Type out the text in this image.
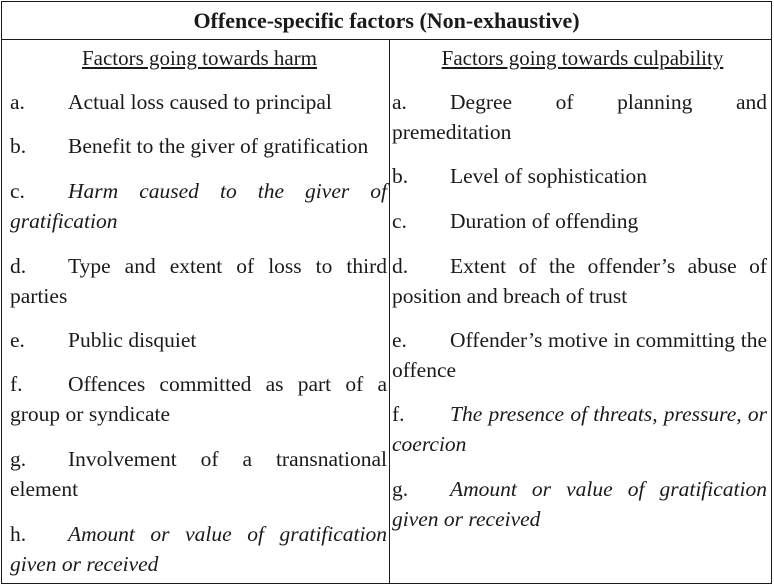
Offence-specific factors (Non-exhaustive)
Factors going towards harm
a. Actual loss caused to principal
b. Benefit to the giver of gratification
c. Harm caused to the giver of gratification
d. Type and extent of loss to third parties
e. Public disquiet
f. Offences committed as part of a group or syndicate
g. Involvement of a transnational element
h. Amount or value of gratification given or received
Factors going towards culpability
a. Degree of planning and premeditation
b. Level of sophistication
c. Duration of offending
d. Extent of the offender’s abuse of position and breach of trust
e. Offender’s motive in committing the offence
f. The presence of threats, pressure, or coercion
g. Amount or value of gratification given or received
